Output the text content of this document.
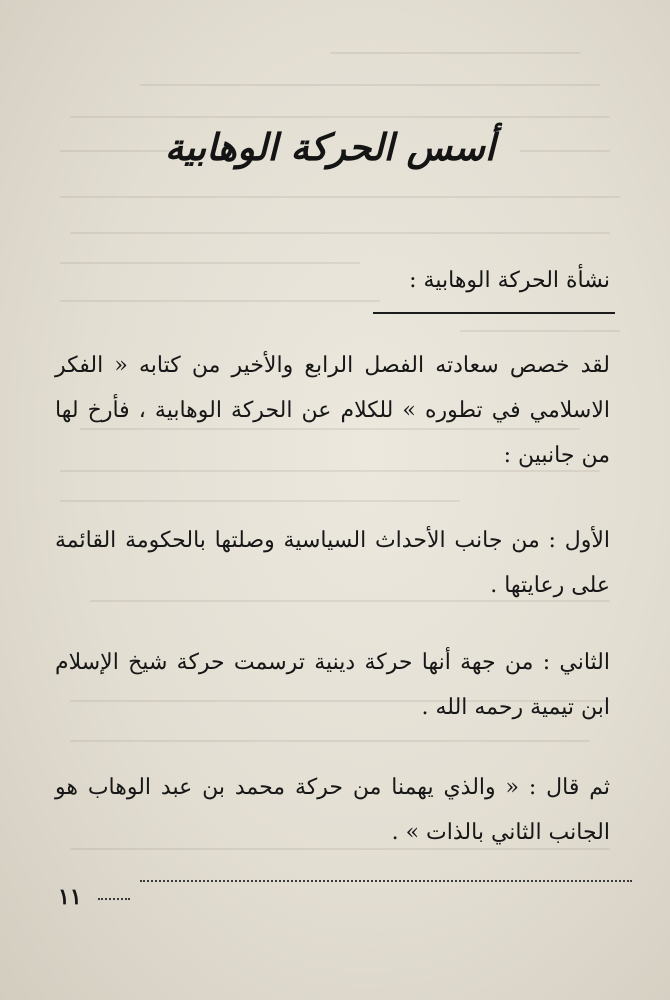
أسس الحركة الوهابية
نشأة الحركة الوهابية :
لقد خصص سعادته الفصل الرابع والأخير من كتابه « الفكر الاسلامي في تطوره » للكلام عن الحركة الوهابية ، فأرخ لها من جانبين :
الأول : من جانب الأحداث السياسية وصلتها بالحكومة القائمة على رعايتها .
الثاني : من جهة أنها حركة دينية ترسمت حركة شيخ الإسلام ابن تيمية رحمه الله .
ثم قال : « والذي يهمنا من حركة محمد بن عبد الوهاب هو الجانب الثاني بالذات » .
١١
